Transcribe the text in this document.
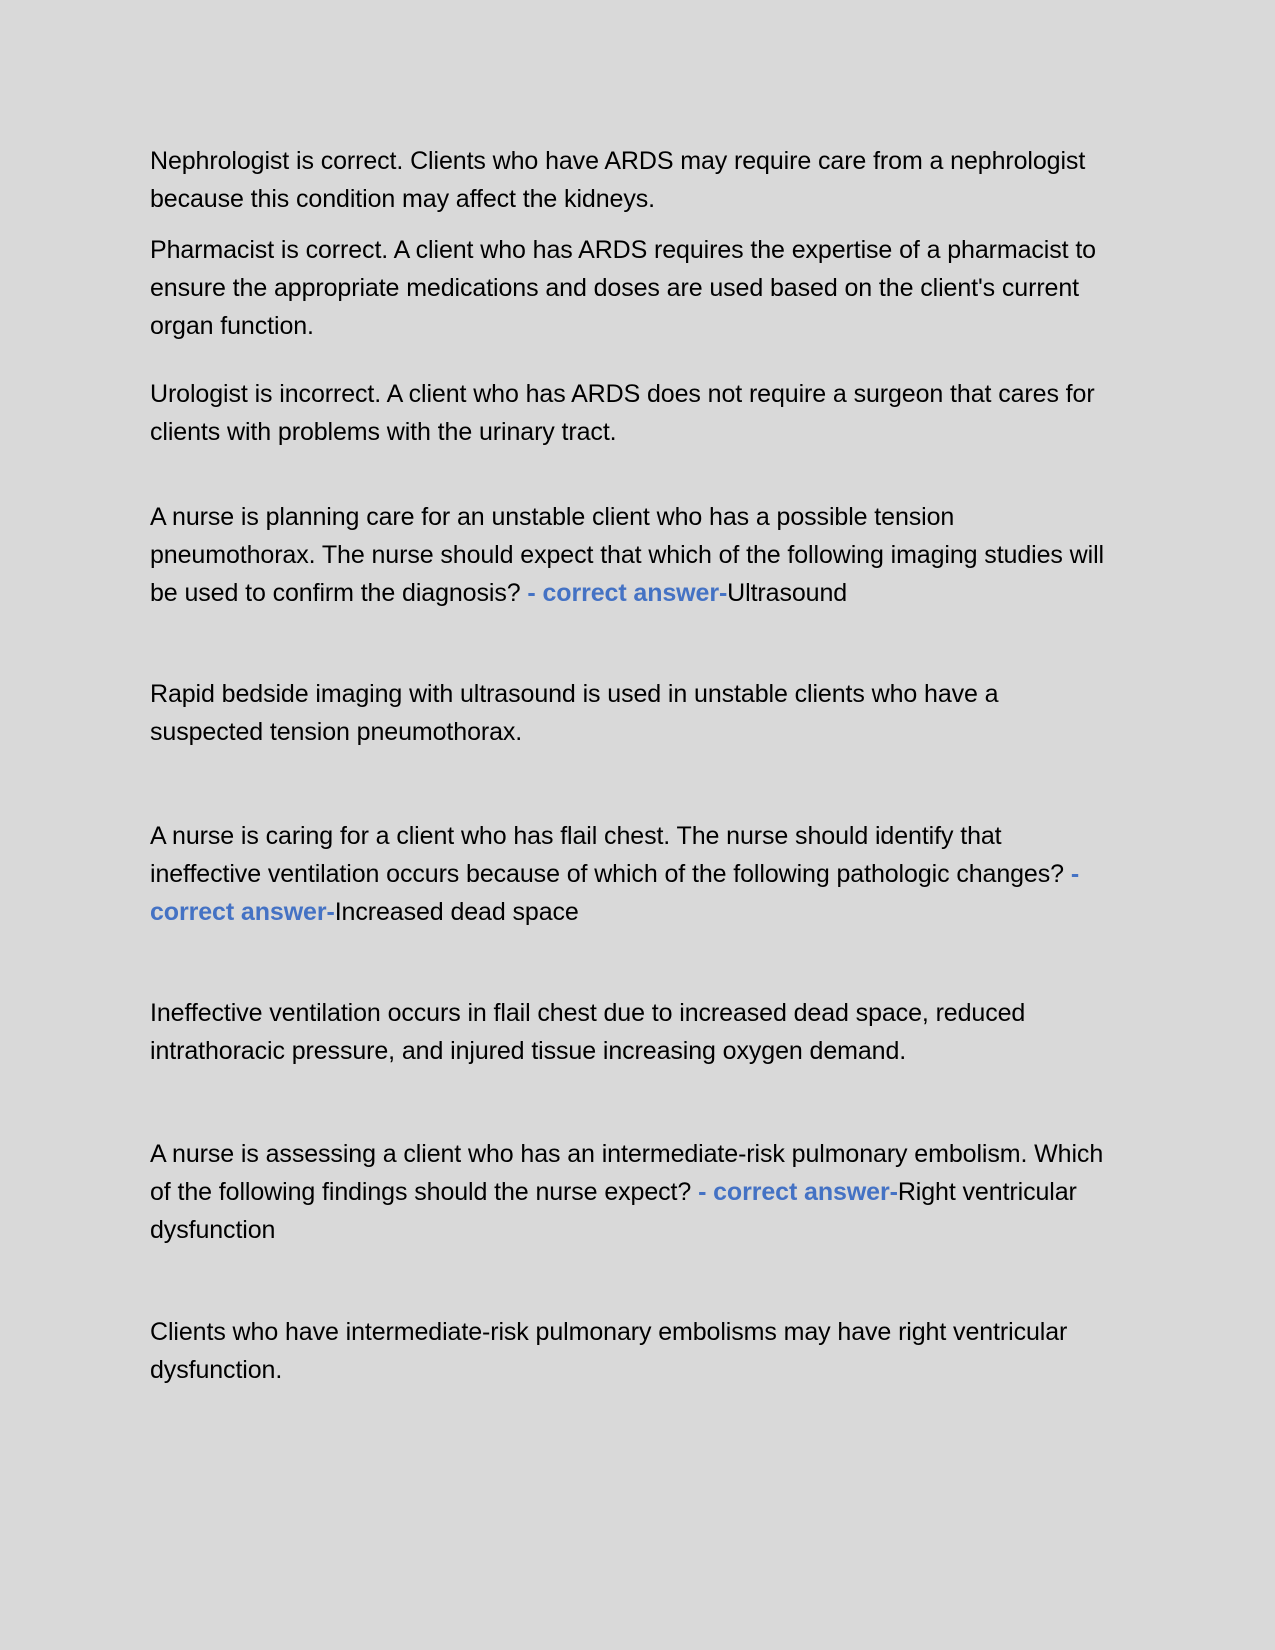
Nephrologist is correct. Clients who have ARDS may require care from a nephrologist because this condition may affect the kidneys.

Pharmacist is correct. A client who has ARDS requires the expertise of a pharmacist to ensure the appropriate medications and doses are used based on the client's current organ function.

Urologist is incorrect. A client who has ARDS does not require a surgeon that cares for clients with problems with the urinary tract.

A nurse is planning care for an unstable client who has a possible tension pneumothorax. The nurse should expect that which of the following imaging studies will be used to confirm the diagnosis? - correct answer-Ultrasound

Rapid bedside imaging with ultrasound is used in unstable clients who have a suspected tension pneumothorax.

A nurse is caring for a client who has flail chest. The nurse should identify that ineffective ventilation occurs because of which of the following pathologic changes? - correct answer-Increased dead space

Ineffective ventilation occurs in flail chest due to increased dead space, reduced intrathoracic pressure, and injured tissue increasing oxygen demand.

A nurse is assessing a client who has an intermediate-risk pulmonary embolism. Which of the following findings should the nurse expect? - correct answer-Right ventricular dysfunction

Clients who have intermediate-risk pulmonary embolisms may have right ventricular dysfunction.
